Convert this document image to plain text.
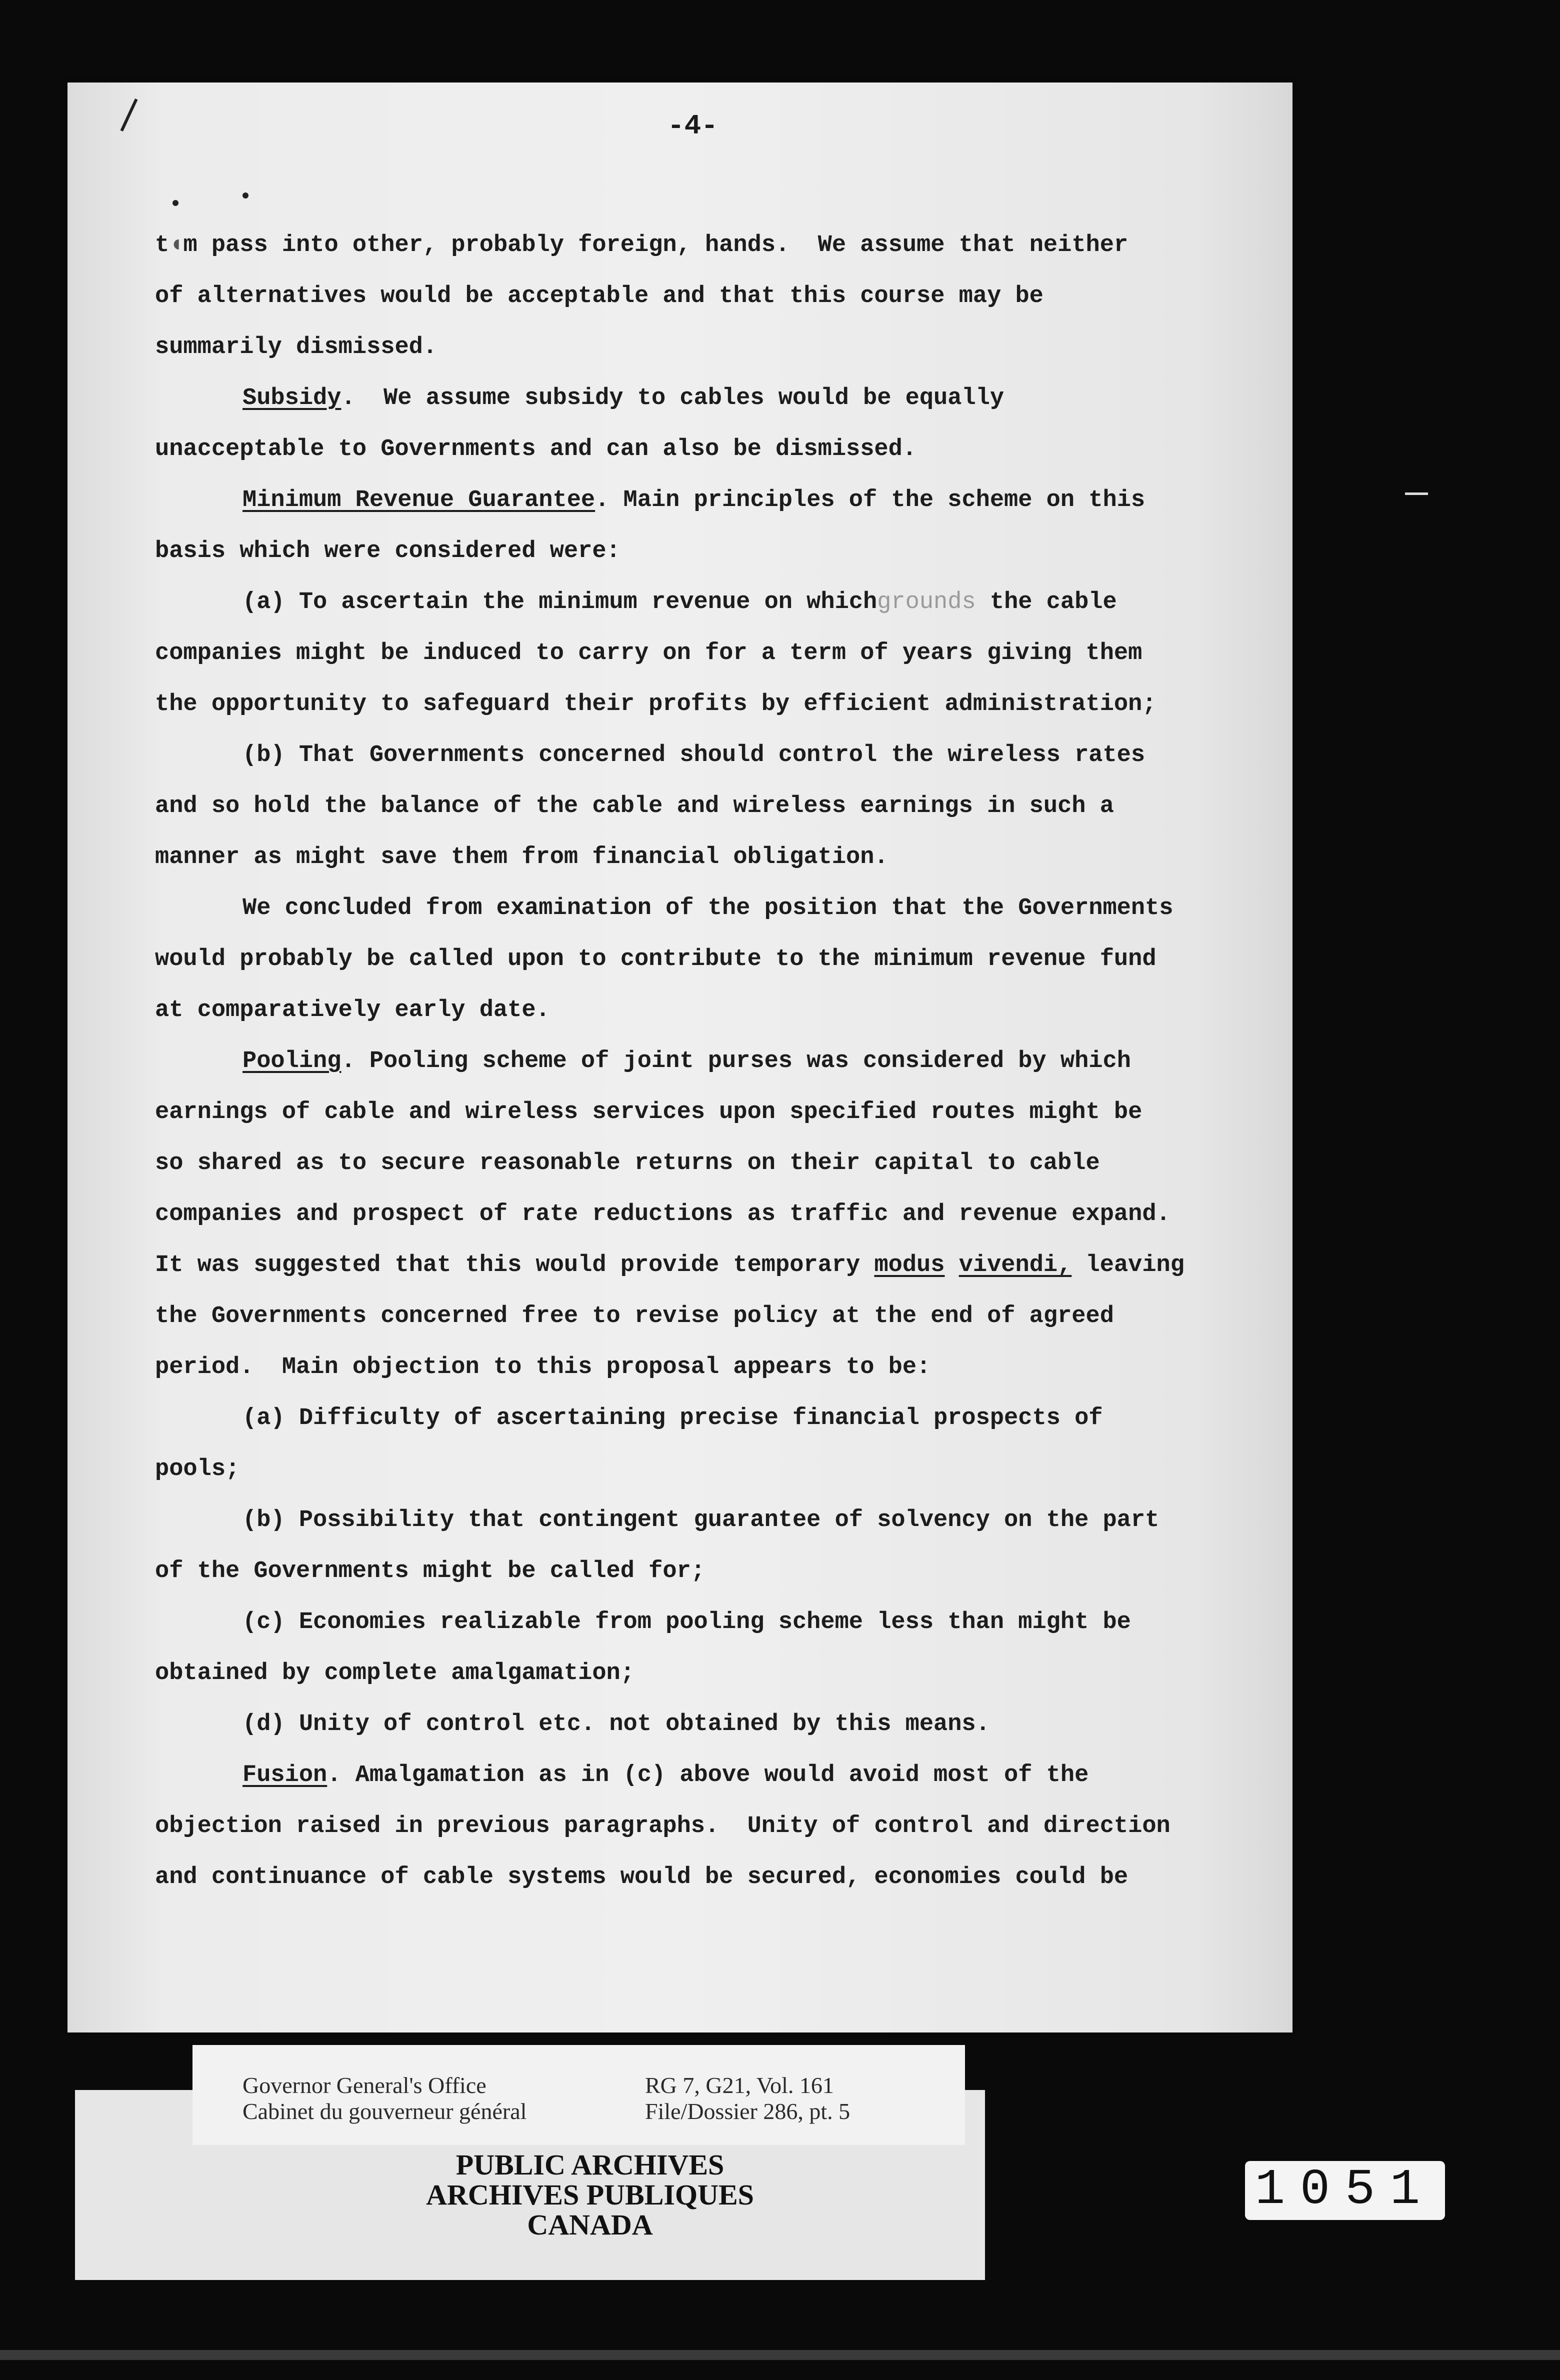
-4-
t◖m pass into other, probably foreign, hands.  We assume that neither
of alternatives would be acceptable and that this course may be
summarily dismissed.
Subsidy.  We assume subsidy to cables would be equally
unacceptable to Governments and can also be dismissed.
Minimum Revenue Guarantee. Main principles of the scheme on this
basis which were considered were:
(a) To ascertain the minimum revenue on whichgrounds the cable
companies might be induced to carry on for a term of years giving them
the opportunity to safeguard their profits by efficient administration;
(b) That Governments concerned should control the wireless rates
and so hold the balance of the cable and wireless earnings in such a
manner as might save them from financial obligation.
We concluded from examination of the position that the Governments
would probably be called upon to contribute to the minimum revenue fund
at comparatively early date.
Pooling. Pooling scheme of joint purses was considered by which
earnings of cable and wireless services upon specified routes might be
so shared as to secure reasonable returns on their capital to cable
companies and prospect of rate reductions as traffic and revenue expand.
It was suggested that this would provide temporary modus vivendi, leaving
the Governments concerned free to revise policy at the end of agreed
period.  Main objection to this proposal appears to be:
(a) Difficulty of ascertaining precise financial prospects of
pools;
(b) Possibility that contingent guarantee of solvency on the part
of the Governments might be called for;
(c) Economies realizable from pooling scheme less than might be
obtained by complete amalgamation;
(d) Unity of control etc. not obtained by this means.
Fusion. Amalgamation as in (c) above would avoid most of the
objection raised in previous paragraphs.  Unity of control and direction
and continuance of cable systems would be secured, economies could be
Governor General's Office
Cabinet du gouverneur général
RG 7, G21, Vol. 161
File/Dossier 286, pt. 5
PUBLIC ARCHIVES
ARCHIVES PUBLIQUES
CANADA
1051
